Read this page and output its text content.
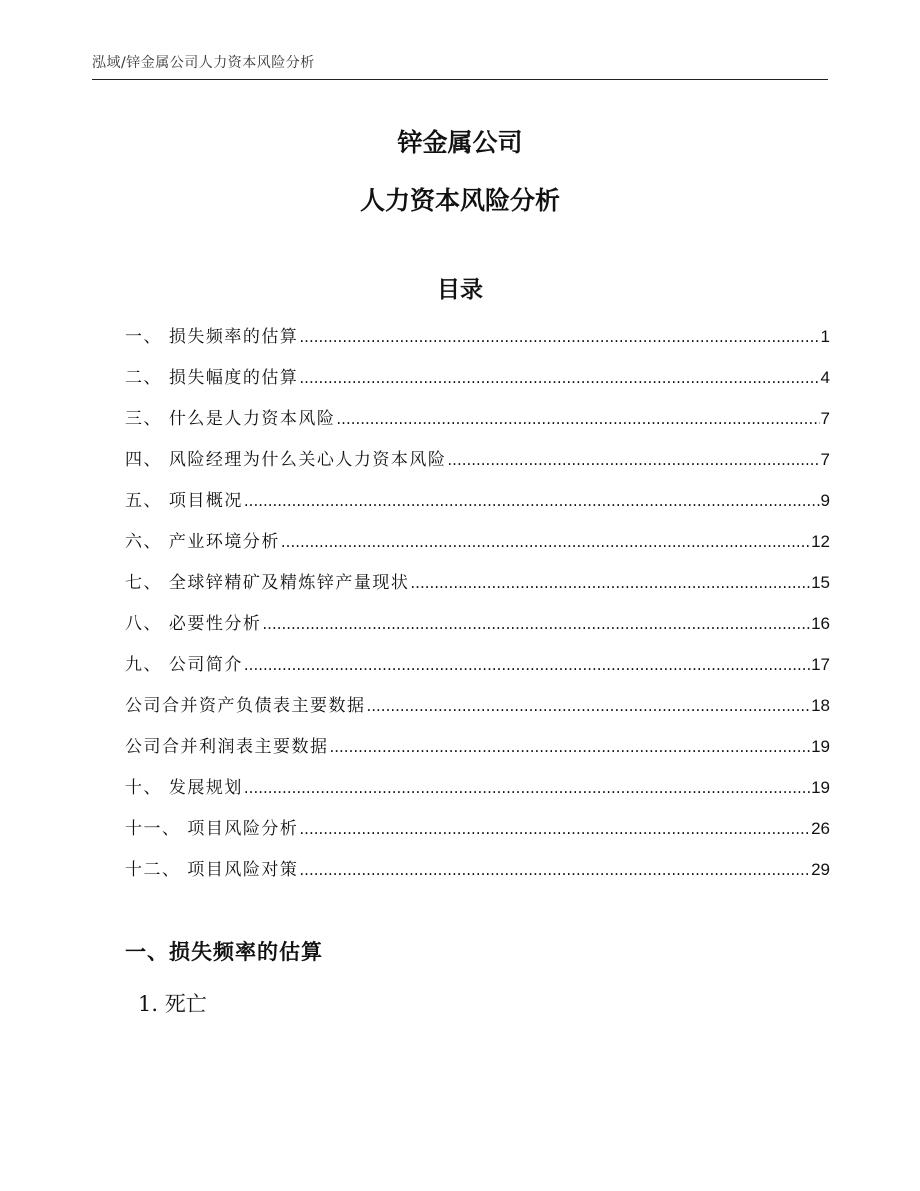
泓域/锌金属公司人力资本风险分析
锌金属公司
人力资本风险分析
目录
一、 损失频率的估算 .....	1
二、 损失幅度的估算 .....	4
三、 什么是人力资本风险 .....	7
四、 风险经理为什么关心人力资本风险 .....	7
五、 项目概况 .....	9
六、 产业环境分析 .....	12
七、 全球锌精矿及精炼锌产量现状 .....	15
八、 必要性分析 .....	16
九、 公司简介 .....	17
公司合并资产负债表主要数据 .....	18
公司合并利润表主要数据 .....	19
十、 发展规划 .....	19
十一、 项目风险分析 .....	26
十二、 项目风险对策 .....	29
一、损失频率的估算
1. 死亡
